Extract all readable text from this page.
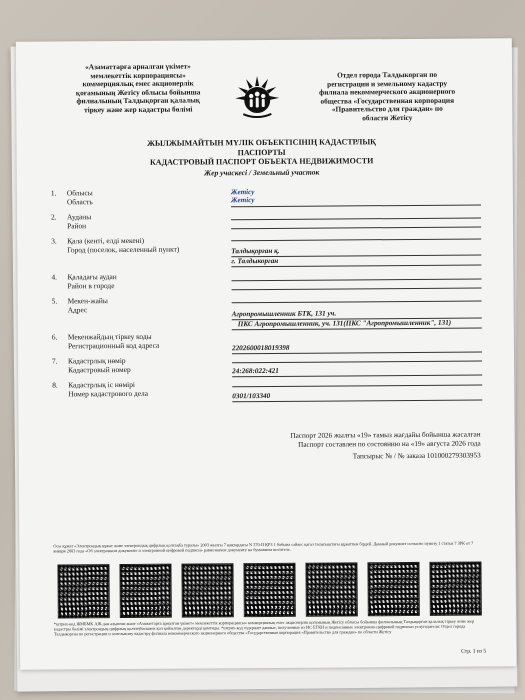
«Азаматтарға арналған үкімет»
мемлекеттік корпорациясы»
коммерциялық емес акционерлік
қоғамының Жетісу облысы бойынша
филиалының Талдықорған қалалық
тіркеу және жер кадастры бөлімі
Отдел города Талдыкорган по
регистрации и земельному кадастру
филиала некоммерческого акционерного
общества «Государственная корпорация
«Правительство для граждан» по
области Жетісу
ЖЫЛЖЫМАЙТЫН МҮЛІК ОБЪЕКТІСІНІҢ КАДАСТРЛЫҚ
ПАСПОРТЫ
КАДАСТРОВЫЙ ПАСПОРТ ОБЪЕКТА НЕДВИЖИМОСТИ
Жер учаскесі / Земельный участок
1.	Облысы
Область
Жетісу
Жетісу
2.	Ауданы
Район
3.	Қала (кенті, елді мекені)
Город (поселок, населенный пункт)	Талдықорған қ.
г. Талдыкорган
4.	Қаладағы аудан
Район в городе
5.	Мекен-жайы
Адрес	Агропромышленник БТК, 131 уч.
ПКС Агропромышленник, уч. 131(ПКС "Агропромышленник", 131)
6.	Мекенжайдың тіркеу коды
Регистрационный код адреса	2202600018019398
7.	Кадастрлық нөмір
Кадастровый номер	24:268:022:421
8.	Кадастрлық іс нөмірі
Номер кадастрового дела	0301/103340
Паспорт 2026 жылғы «19» тамыз жағдайы бойынша жасалған
Паспорт составлен по состоянию на «19» августа 2026 года
Тапсырыс № / № заказа 101000279303953
Осы құжат «Электрондық құжат және электрондық цифрлық қолтаңба туралы» 2003 жылғы 7 қаңтардағы N 370-II ҚРЗ 1 бабына сәйкес қағаз тасығыштағы құжатпен бірдей. Данный документ согласно пункту 1 статьи 7 ЗРК от 7 января 2003 года «Об электронном документе и электронной цифровой подписи» равнозначен документу на бумажном носителе.
*штрих-код ЖМБМК АЖ-дан алынған және «Азаматтарға арналған үкімет» мемлекеттік корпорациясы» коммерциялық емес акционерлік қоғамының Жетісу облысы бойынша филиалының Талдықорған қалалық тіркеу және жер кадастры бөлімі электрондық-цифрлық қолтаңбасымен қол қойылған деректерді қамтиды. *штрих-код содержит данные, полученные из ИС ЕГКН и подписанные электронно-цифровой подписью услугодателя: Отдел города Талдыкорган по регистрации и земельному кадастру филиала некоммерческого акционерного общества «Государственная корпорация «Правительство для граждан» по области Жетісу
Стр. 1 из 5
